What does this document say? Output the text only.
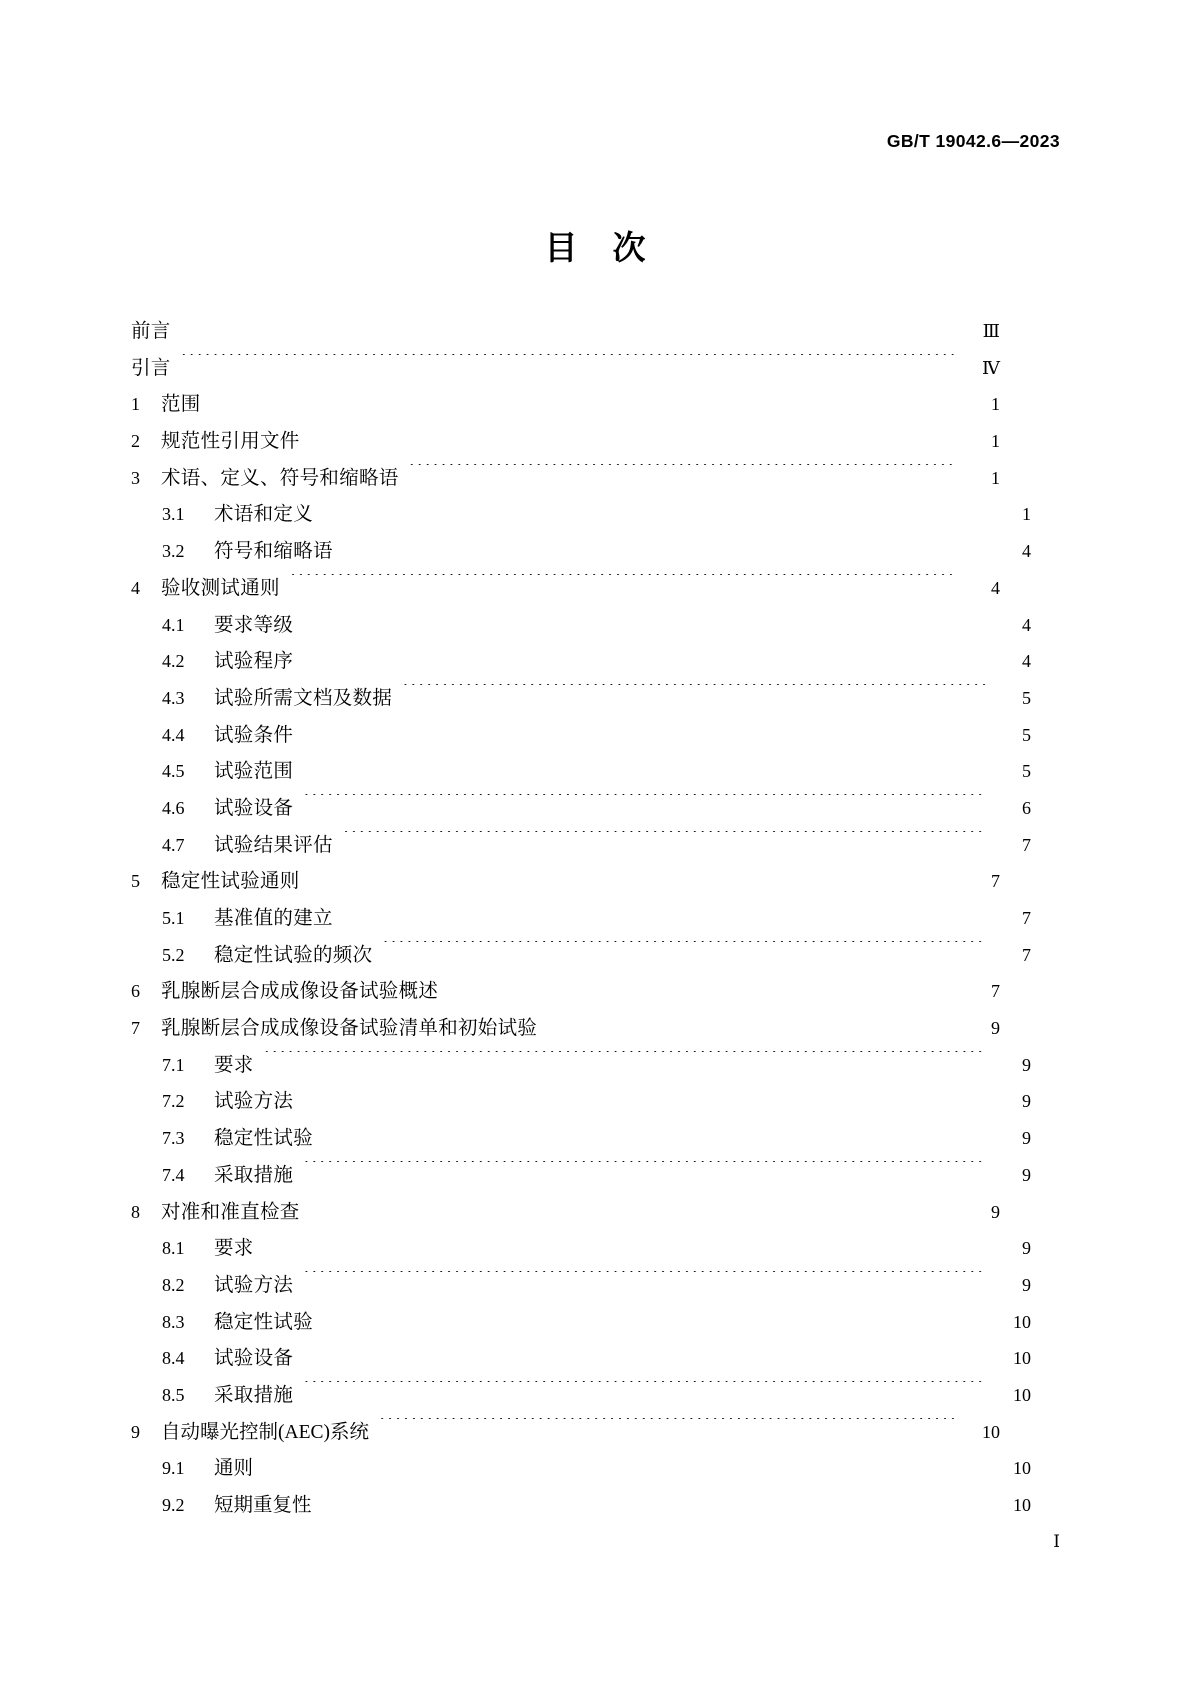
GB/T 19042.6—2023
目 次
前言 ·····	Ⅲ
引言 ·····	Ⅳ
1	范围 ·····	1
2	规范性引用文件 ·····	1
3	术语、定义、符号和缩略语 ·····	1
3.1	术语和定义 ·····	1
3.2	符号和缩略语 ·····	4
4	验收测试通则 ·····	4
4.1	要求等级 ·····	4
4.2	试验程序 ·····	4
4.3	试验所需文档及数据 ·····	5
4.4	试验条件 ·····	5
4.5	试验范围 ·····	5
4.6	试验设备 ·····	6
4.7	试验结果评估 ·····	7
5	稳定性试验通则 ·····	7
5.1	基准值的建立 ·····	7
5.2	稳定性试验的频次 ·····	7
6	乳腺断层合成成像设备试验概述 ·····	7
7	乳腺断层合成成像设备试验清单和初始试验 ·····	9
7.1	要求 ·····	9
7.2	试验方法 ·····	9
7.3	稳定性试验 ·····	9
7.4	采取措施 ·····	9
8	对准和准直检查 ·····	9
8.1	要求 ·····	9
8.2	试验方法 ·····	9
8.3	稳定性试验 ·····	10
8.4	试验设备 ·····	10
8.5	采取措施 ·····	10
9	自动曝光控制(AEC)系统 ·····	10
9.1	通则 ·····	10
9.2	短期重复性 ·····	10
Ⅰ
